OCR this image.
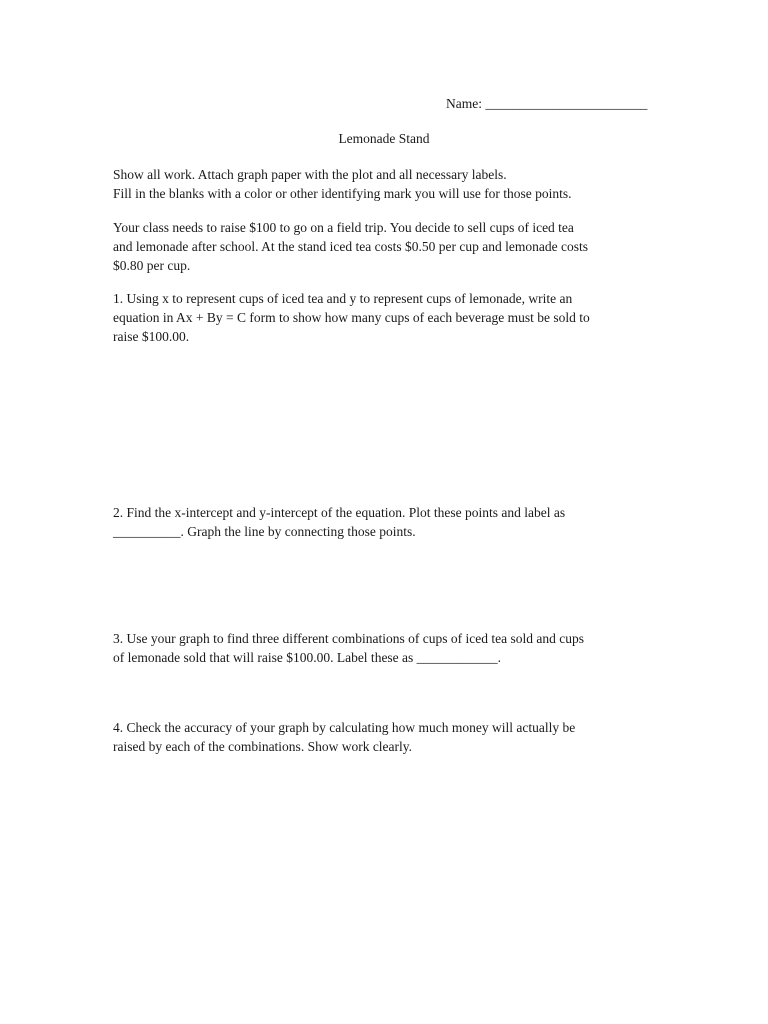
Name: ________________________
Lemonade Stand
Show all work. Attach graph paper with the plot and all necessary labels.
Fill in the blanks with a color or other identifying mark you will use for those points.
Your class needs to raise $100 to go on a field trip. You decide to sell cups of iced tea
and lemonade after school. At the stand iced tea costs $0.50 per cup and lemonade costs
$0.80 per cup.
1. Using x to represent cups of iced tea and y to represent cups of lemonade, write an
equation in Ax + By = C form to show how many cups of each beverage must be sold to
raise $100.00.
2. Find the x-intercept and y-intercept of the equation. Plot these points and label as
__________. Graph the line by connecting those points.
3. Use your graph to find three different combinations of cups of iced tea sold and cups
of lemonade sold that will raise $100.00. Label these as ____________.
4. Check the accuracy of your graph by calculating how much money will actually be
raised by each of the combinations. Show work clearly.
